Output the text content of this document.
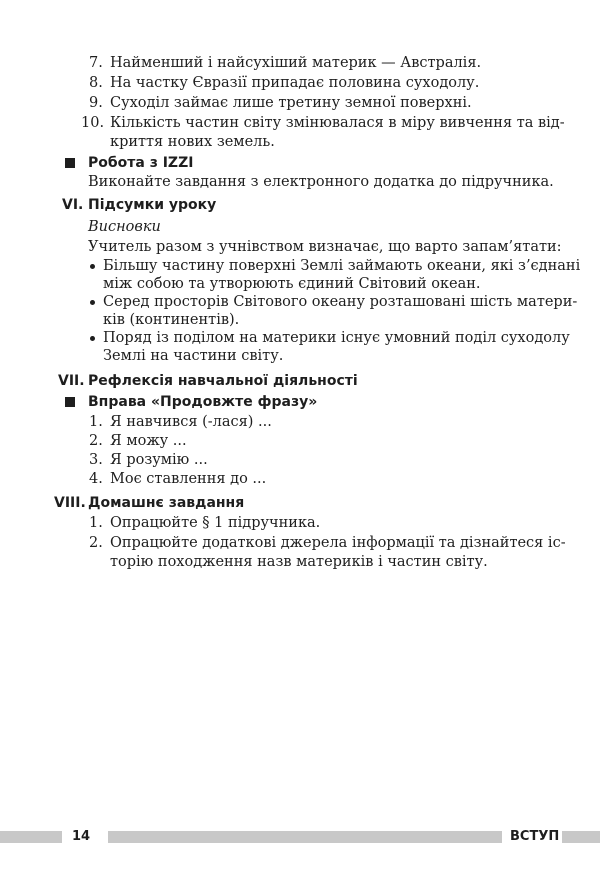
7. Найменший і найсухіший материк — Австралія.
8. На частку Євразії припадає половина суходолу.
9. Суходіл займає лише третину земної поверхні.
10. Кількість частин світу змінювалася в міру вивчення та від-
криття нових земель.
Робота з IZZI
Виконайте завдання з електронного додатка до підручника.
VI. Підсумки уроку
Висновки
Учитель разом з учнівством визначає, що варто запам’ятати:
Більшу частину поверхні Землі займають океани, які з’єднані
між собою та утворюють єдиний Світовий океан.
Серед просторів Світового океану розташовані шість матери-
ків (континентів).
Поряд із поділом на материки існує умовний поділ суходолу
Землі на частини світу.
VII. Рефлексія навчальної діяльності
Вправа «Продовжте фразу»
1. Я навчився (-лася) ...
2. Я можу ...
3. Я розумію ...
4. Моє ставлення до ...
VIII. Домашнє завдання
1. Опрацюйте § 1 підручника.
2. Опрацюйте додаткові джерела інформації та дізнайтеся іс-
торію походження назв материків і частин світу.
14	ВСТУП
